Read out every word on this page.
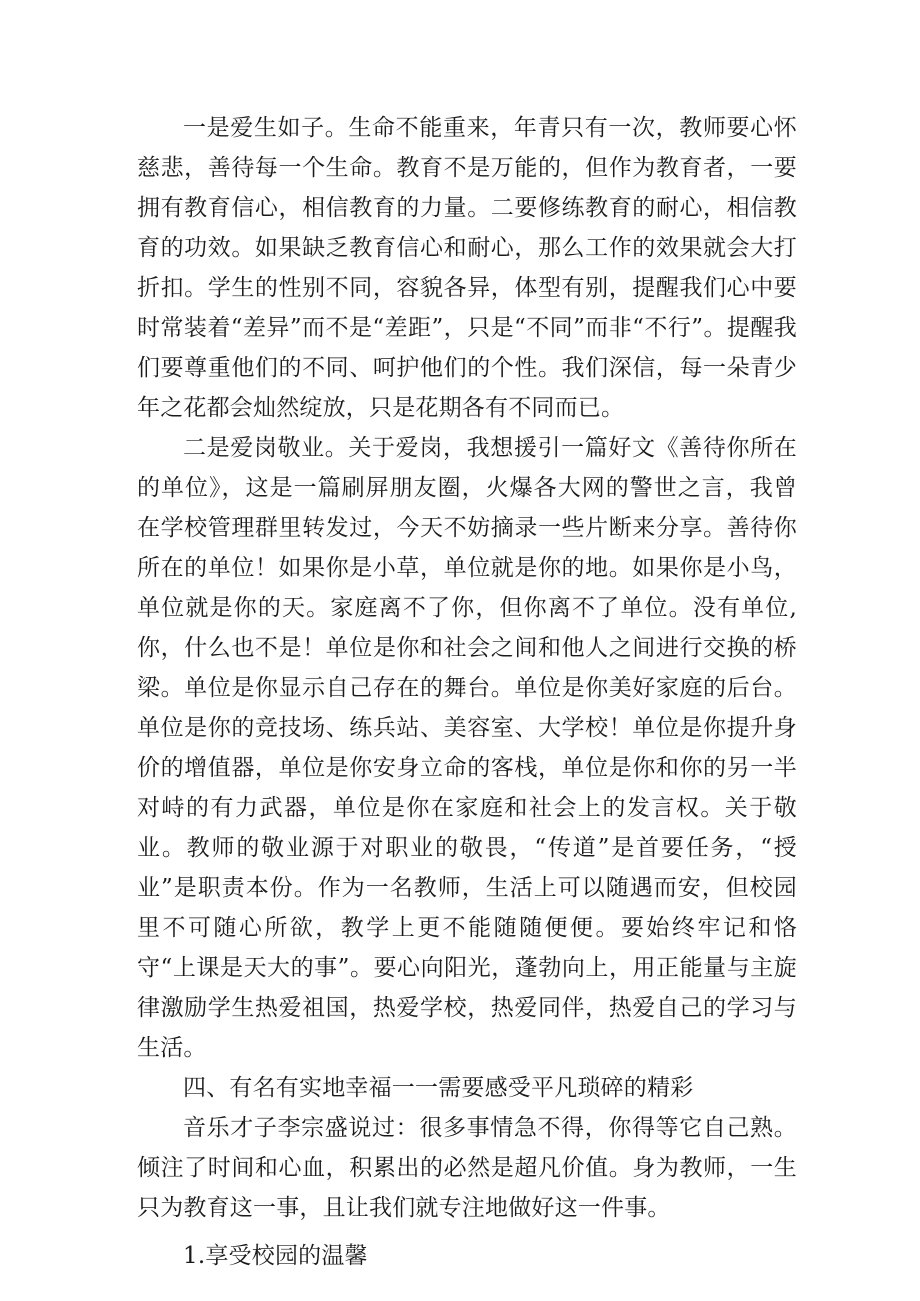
一是爱生如子。生命不能重来，年青只有一次，教师要心怀慈悲，善待每一个生命。教育不是万能的，但作为教育者，一要拥有教育信心，相信教育的力量。二要修练教育的耐心，相信教育的功效。如果缺乏教育信心和耐心，那么工作的效果就会大打折扣。学生的性别不同，容貌各异，体型有别，提醒我们心中要时常装着“差异”而不是“差距”，只是“不同”而非“不行”。提醒我们要尊重他们的不同、呵护他们的个性。我们深信，每一朵青少年之花都会灿然绽放，只是花期各有不同而已。

二是爱岗敬业。关于爱岗，我想援引一篇好文《善待你所在的单位》，这是一篇刷屏朋友圈，火爆各大网的警世之言，我曾在学校管理群里转发过，今天不妨摘录一些片断来分享。善待你所在的单位！如果你是小草，单位就是你的地。如果你是小鸟，单位就是你的天。家庭离不了你，但你离不了单位。没有单位,你，什么也不是！单位是你和社会之间和他人之间进行交换的桥梁。单位是你显示自己存在的舞台。单位是你美好家庭的后台。单位是你的竞技场、练兵站、美容室、大学校！单位是你提升身价的增值器，单位是你安身立命的客栈，单位是你和你的另一半对峙的有力武器，单位是你在家庭和社会上的发言权。关于敬业。教师的敬业源于对职业的敬畏，“传道”是首要任务，“授业”是职责本份。作为一名教师，生活上可以随遇而安，但校园里不可随心所欲，教学上更不能随随便便。要始终牢记和恪守“上课是天大的事”。要心向阳光，蓬勃向上，用正能量与主旋律激励学生热爱祖国，热爱学校，热爱同伴，热爱自己的学习与生活。

四、有名有实地幸福一一需要感受平凡琐碎的精彩

音乐才子李宗盛说过：很多事情急不得，你得等它自己熟。倾注了时间和心血，积累出的必然是超凡价值。身为教师，一生只为教育这一事，且让我们就专注地做好这一件事。

1.享受校园的温馨
